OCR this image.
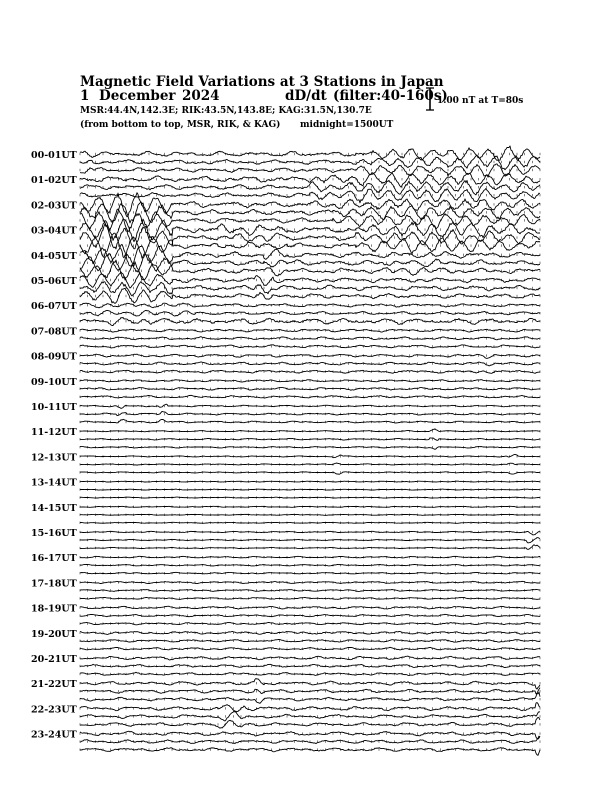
Magnetic Field Variations at 3 Stations in Japan
1 December 2024	dD/dt (filter:40-160s)
MSR:44.4N,142.3E; RIK:43.5N,143.8E; KAG:31.5N,130.7E
(from bottom to top, MSR, RIK, & KAG) midnight=1500UT
1.00 nT at T=80s
00-01UT
01-02UT
02-03UT
03-04UT
04-05UT
05-06UT
06-07UT
07-08UT
08-09UT
09-10UT
10-11UT
11-12UT
12-13UT
13-14UT
14-15UT
15-16UT
16-17UT
17-18UT
18-19UT
19-20UT
20-21UT
21-22UT
22-23UT
23-24UT
